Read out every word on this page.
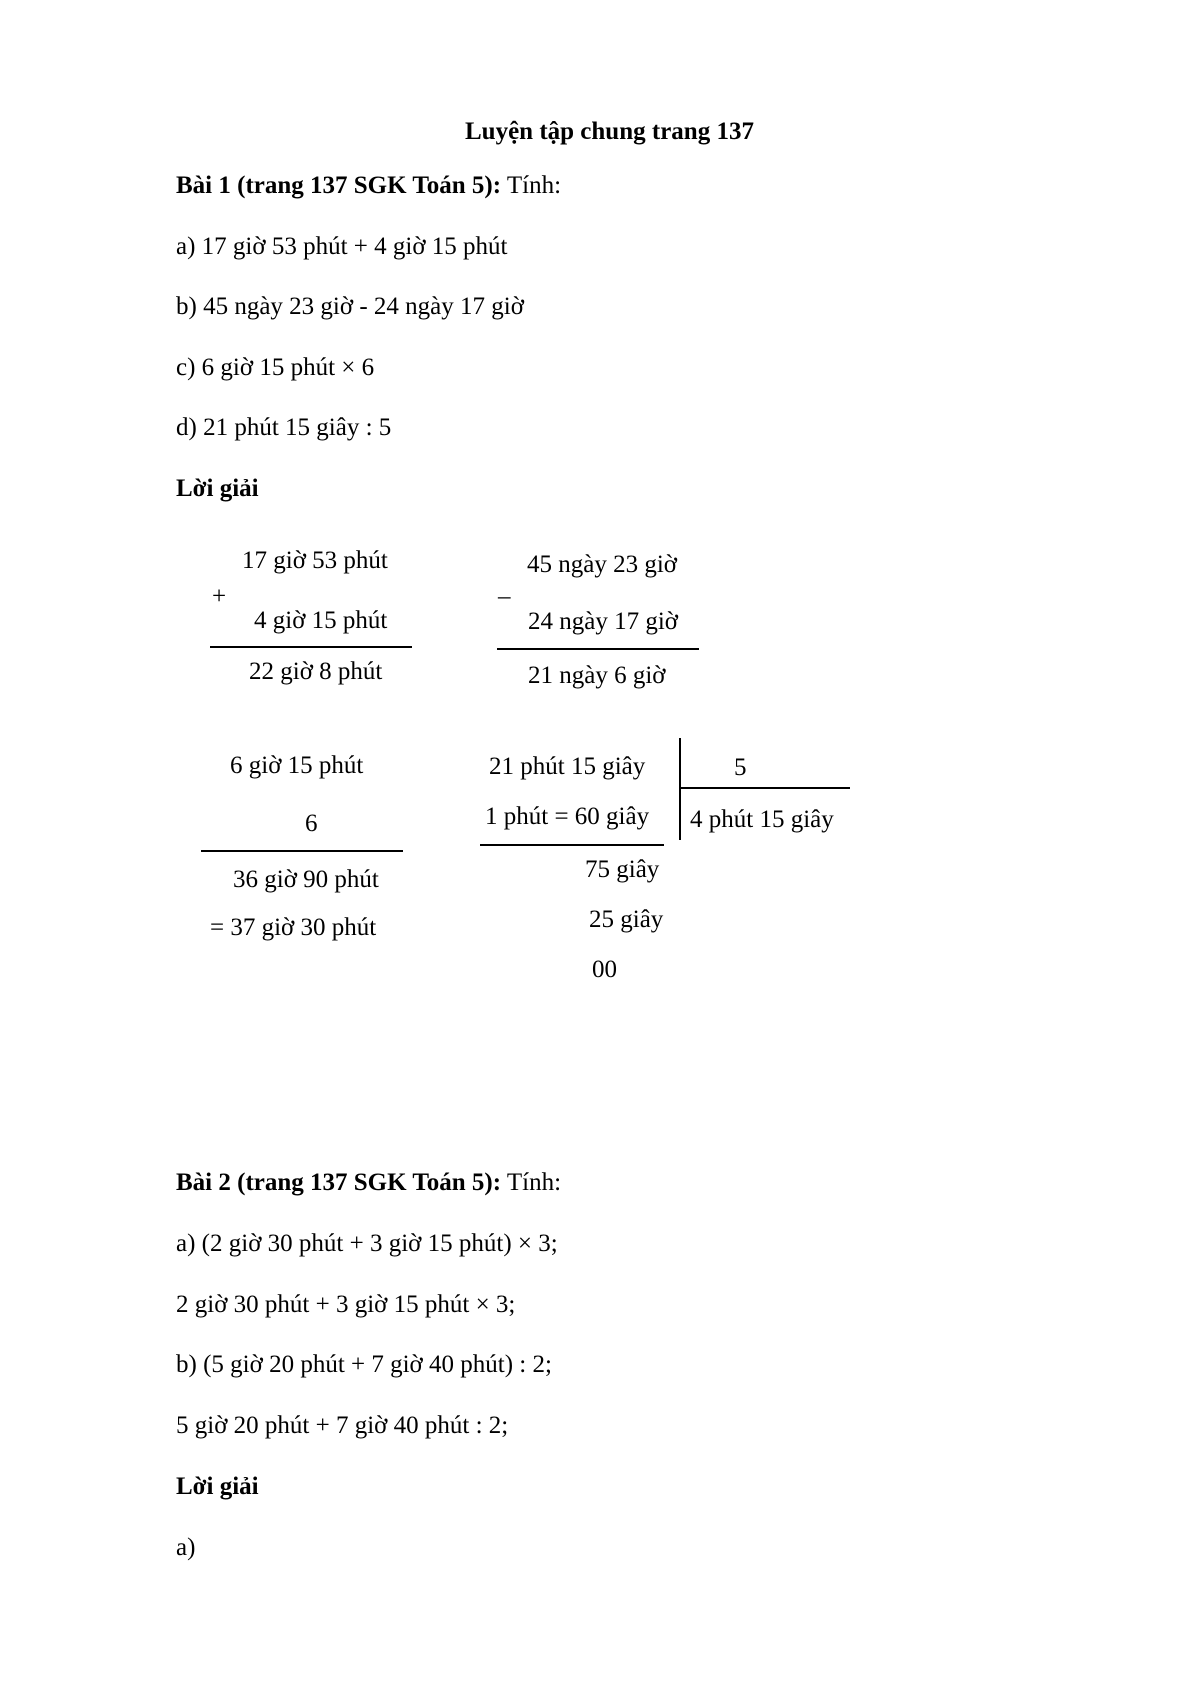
Luyện tập chung trang 137
Bài 1 (trang 137 SGK Toán 5): Tính:
a) 17 giờ 53 phút + 4 giờ 15 phút
b) 45 ngày 23 giờ - 24 ngày 17 giờ
c) 6 giờ 15 phút × 6
d) 21 phút 15 giây : 5
Lời giải
17 giờ 53 phút
+
4 giờ 15 phút
22 giờ 8 phút
45 ngày 23 giờ
–
24 ngày 17 giờ
21 ngày 6 giờ
6 giờ 15 phút
6
36 giờ 90 phút
= 37 giờ 30 phút
21 phút 15 giây	5
4 phút 15 giây
1 phút = 60 giây
75 giây
25 giây
00
Bài 2 (trang 137 SGK Toán 5): Tính:
a) (2 giờ 30 phút + 3 giờ 15 phút) × 3;
2 giờ 30 phút + 3 giờ 15 phút × 3;
b) (5 giờ 20 phút + 7 giờ 40 phút) : 2;
5 giờ 20 phút + 7 giờ 40 phút : 2;
Lời giải
a)
